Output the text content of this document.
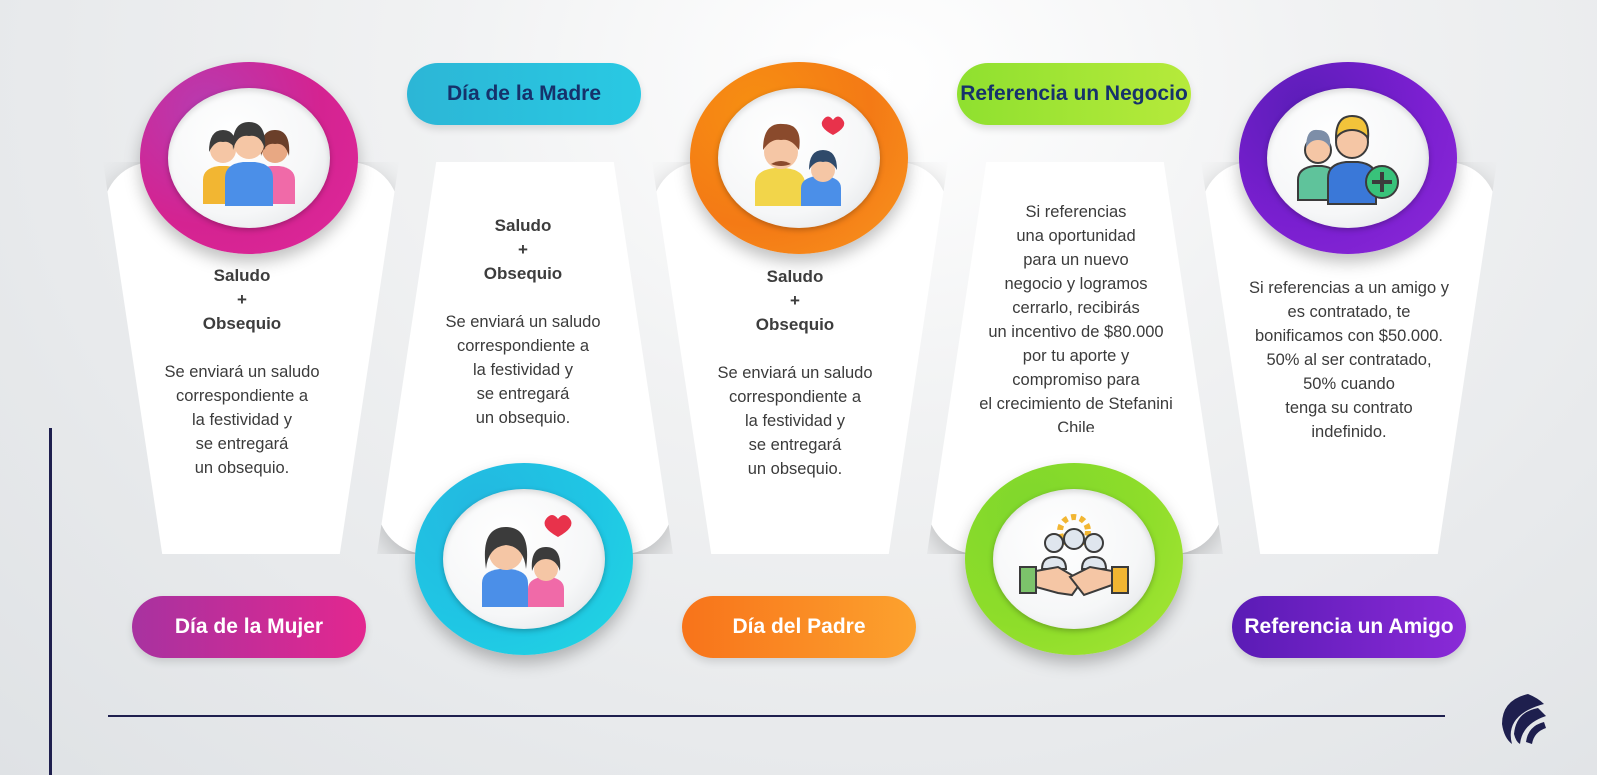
Saludo
+
Obsequio
Se enviará un saludo
correspondiente a
la festividad y
se entregará
un obsequio.
Día de la Mujer
Día de la Madre
Saludo
+
Obsequio
Se enviará un saludo
correspondiente a
la festividad y
se entregará
un obsequio.
Saludo
+
Obsequio
Se enviará un saludo
correspondiente a
la festividad y
se entregará
un obsequio.
Día del Padre
Referencia un Negocio
Si referencias
una oportunidad
para un nuevo
negocio y logramos
cerrarlo, recibirás
un incentivo de $80.000
por tu aporte y
compromiso para
el crecimiento de Stefanini
Chile
Si referencias a un amigo y
es contratado, te
bonificamos con $50.000.
50% al ser contratado,
50% cuando
tenga su contrato
indefinido.
Referencia un Amigo
